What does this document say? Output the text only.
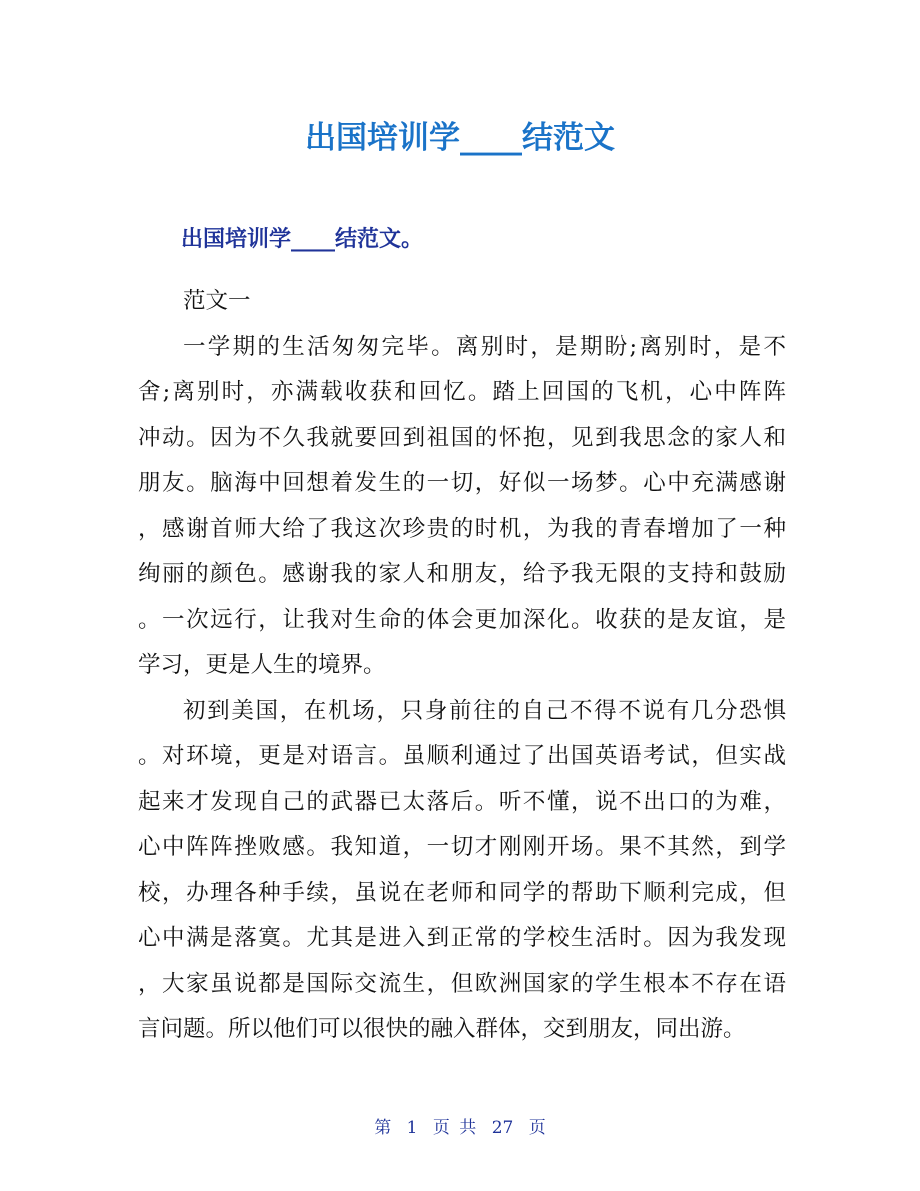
出国培训学____结范文
出国培训学____结范文。

范文一

一学期的生活匆匆完毕。离别时，是期盼;离别时，是不

舍;离别时，亦满载收获和回忆。踏上回国的飞机，心中阵阵

冲动。因为不久我就要回到祖国的怀抱，见到我思念的家人和

朋友。脑海中回想着发生的一切，好似一场梦。心中充满感谢

，感谢首师大给了我这次珍贵的时机，为我的青春增加了一种

绚丽的颜色。感谢我的家人和朋友，给予我无限的支持和鼓励

。一次远行，让我对生命的体会更加深化。收获的是友谊，是

学习，更是人生的境界。

初到美国，在机场，只身前往的自己不得不说有几分恐惧

。对环境，更是对语言。虽顺利通过了出国英语考试，但实战

起来才发现自己的武器已太落后。听不懂，说不出口的为难，

心中阵阵挫败感。我知道，一切才刚刚开场。果不其然，到学

校，办理各种手续，虽说在老师和同学的帮助下顺利完成，但

心中满是落寞。尤其是进入到正常的学校生活时。因为我发现

，大家虽说都是国际交流生，但欧洲国家的学生根本不存在语

言问题。所以他们可以很快的融入群体，交到朋友，同出游。

第 1 页 共 27 页
